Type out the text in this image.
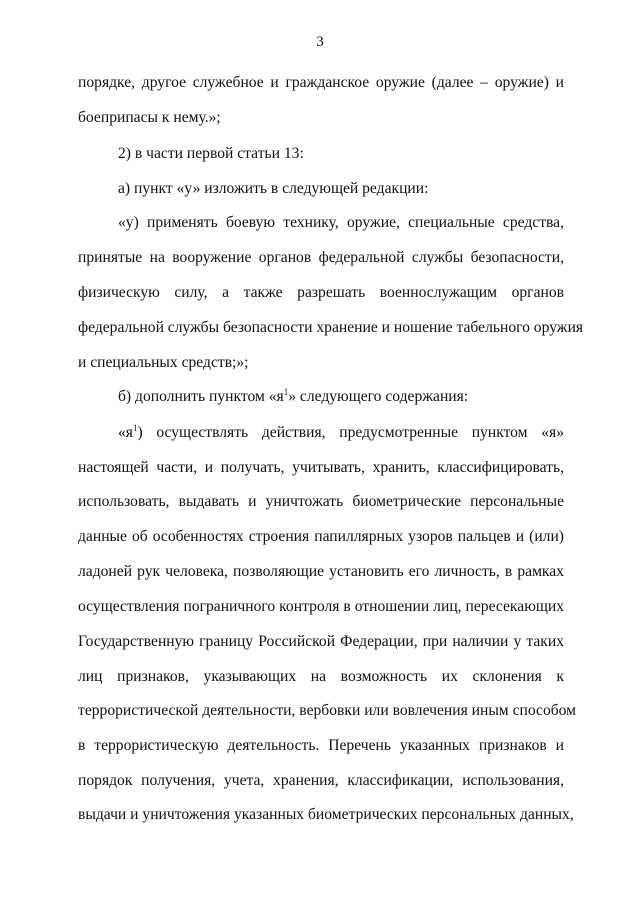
3
порядке, другое служебное и гражданское оружие (далее – оружие) и
боеприпасы к нему.»;
2) в части первой статьи 13:
а) пункт «у» изложить в следующей редакции:
«у) применять боевую технику, оружие, специальные средства,
принятые на вооружение органов федеральной службы безопасности,
физическую силу, а также разрешать военнослужащим органов
федеральной службы безопасности хранение и ношение табельного оружия
и специальных средств;»;
б) дополнить пунктом «$я^1$» следующего содержания:
«$я^1$) осуществлять действия, предусмотренные пунктом «я»
настоящей части, и получать, учитывать, хранить, классифицировать,
использовать, выдавать и уничтожать биометрические персональные
данные об особенностях строения папиллярных узоров пальцев и (или)
ладоней рук человека, позволяющие установить его личность, в рамках
осуществления пограничного контроля в отношении лиц, пересекающих
Государственную границу Российской Федерации, при наличии у таких
лиц признаков, указывающих на возможность их склонения к
террористической деятельности, вербовки или вовлечения иным способом
в террористическую деятельность. Перечень указанных признаков и
порядок получения, учета, хранения, классификации, использования,
выдачи и уничтожения указанных биометрических персональных данных,
